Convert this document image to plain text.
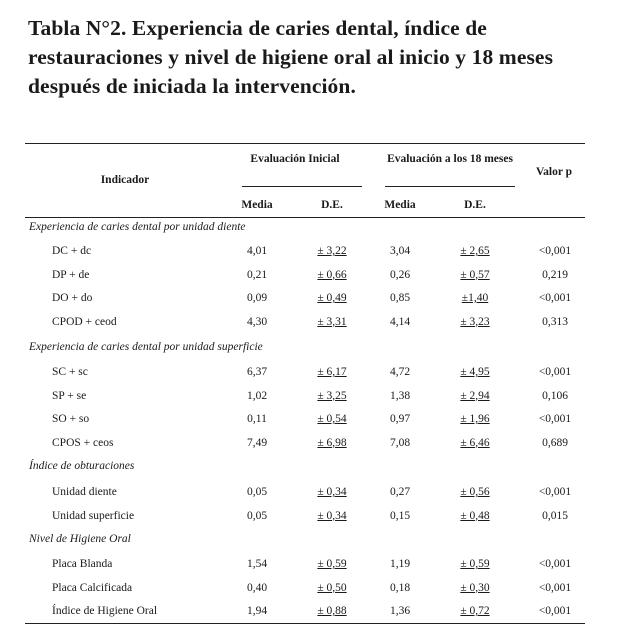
Tabla N°2. Experiencia de caries dental, índice de restauraciones y nivel de higiene oral al inicio y 18 meses después de iniciada la intervención.
Indicador
Evaluación Inicial	Evaluación a los 18 meses
Valor p
Media	D.E.	Media	D.E.
Experiencia de caries dental por unidad diente
DC + dc	4,01	± 3,22	3,04	± 2,65	<0,001
DP + de	0,21	± 0,66	0,26	± 0,57	0,219
DO + do	0,09	± 0,49	0,85	±1,40	<0,001
CPOD + ceod	4,30	± 3,31	4,14	± 3,23	0,313
Experiencia de caries dental por unidad superficie
SC + sc	6,37	± 6,17	4,72	± 4,95	<0,001
SP + se	1,02	± 3,25	1,38	± 2,94	0,106
SO + so	0,11	± 0,54	0,97	± 1,96	<0,001
CPOS + ceos	7,49	± 6,98	7,08	± 6,46	0,689
Índice de obturaciones
Unidad diente	0,05	± 0,34	0,27	± 0,56	<0,001
Unidad superficie	0,05	± 0,34	0,15	± 0,48	0,015
Nivel de Higiene Oral
Placa Blanda	1,54	± 0,59	1,19	± 0,59	<0,001
Placa Calcificada	0,40	± 0,50	0,18	± 0,30	<0,001
Índice de Higiene Oral	1,94	± 0,88	1,36	± 0,72	<0,001
